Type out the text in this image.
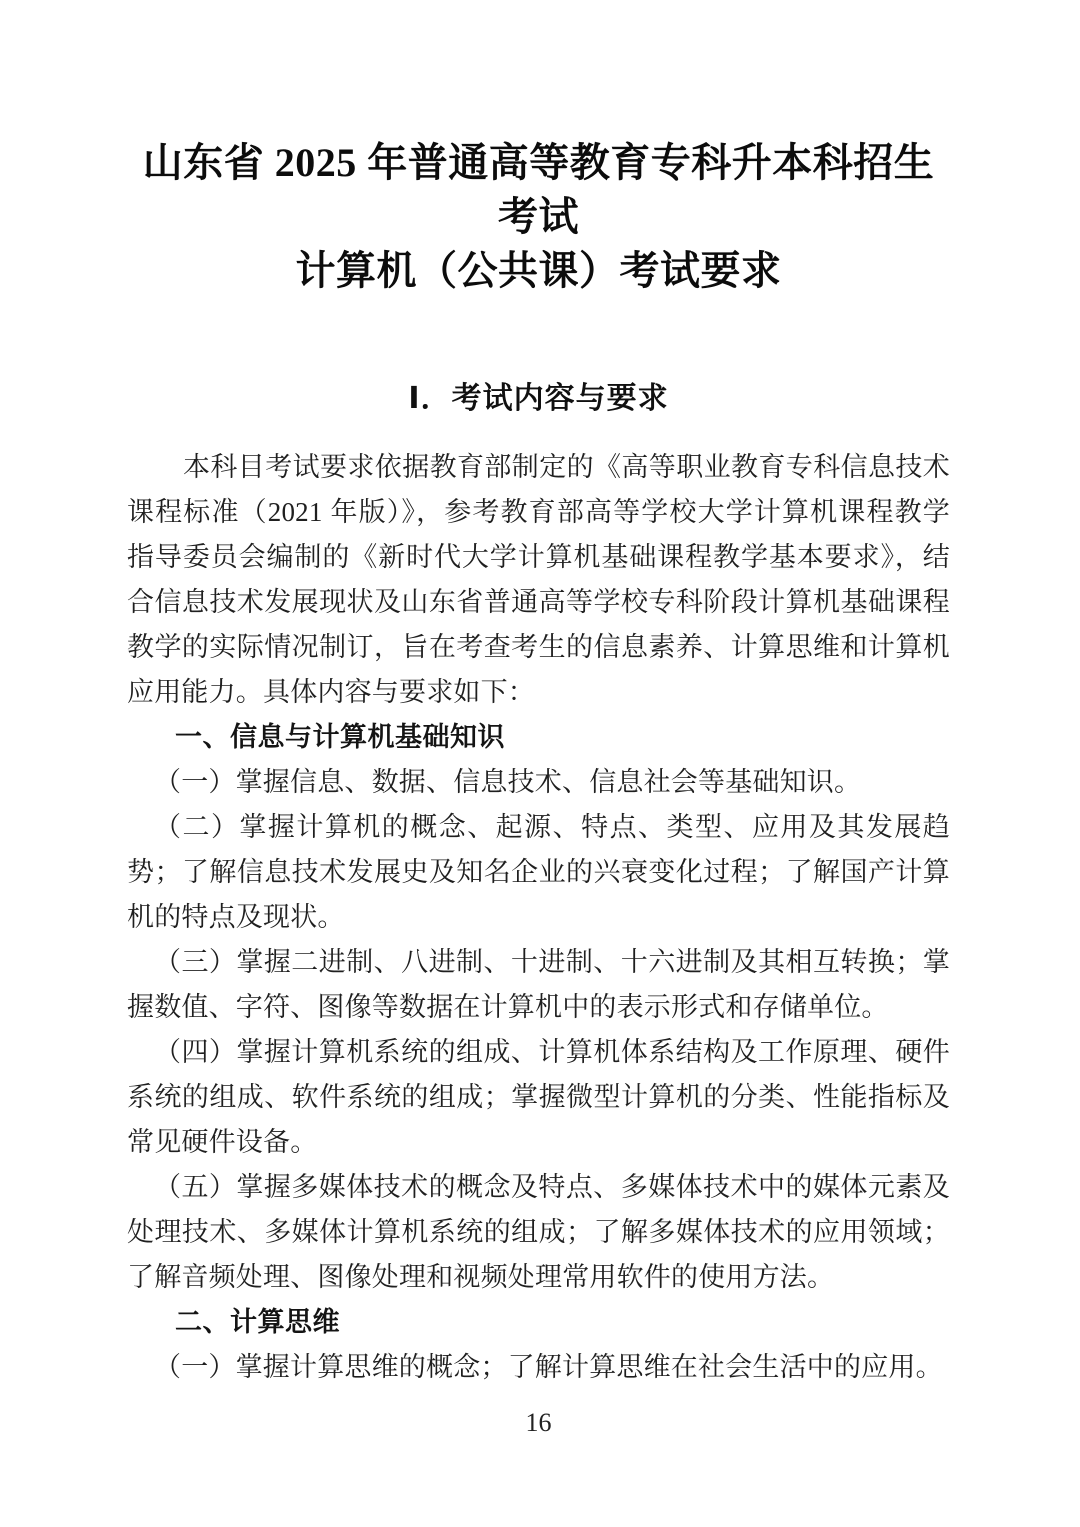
山东省 2025 年普通高等教育专科升本科招生考试
计算机（公共课）考试要求
Ⅰ．考试内容与要求

本科目考试要求依据教育部制定的《高等职业教育专科信息技术课程标准（2021 年版）》，参考教育部高等学校大学计算机课程教学指导委员会编制的《新时代大学计算机基础课程教学基本要求》，结合信息技术发展现状及山东省普通高等学校专科阶段计算机基础课程教学的实际情况制订，旨在考查考生的信息素养、计算思维和计算机应用能力。具体内容与要求如下：

一、信息与计算机基础知识

（一）掌握信息、数据、信息技术、信息社会等基础知识。

（二）掌握计算机的概念、起源、特点、类型、应用及其发展趋势；了解信息技术发展史及知名企业的兴衰变化过程；了解国产计算机的特点及现状。

（三）掌握二进制、八进制、十进制、十六进制及其相互转换；掌握数值、字符、图像等数据在计算机中的表示形式和存储单位。

（四）掌握计算机系统的组成、计算机体系结构及工作原理、硬件系统的组成、软件系统的组成；掌握微型计算机的分类、性能指标及常见硬件设备。

（五）掌握多媒体技术的概念及特点、多媒体技术中的媒体元素及处理技术、多媒体计算机系统的组成；了解多媒体技术的应用领域；了解音频处理、图像处理和视频处理常用软件的使用方法。

二、计算思维

（一）掌握计算思维的概念；了解计算思维在社会生活中的应用。

16
